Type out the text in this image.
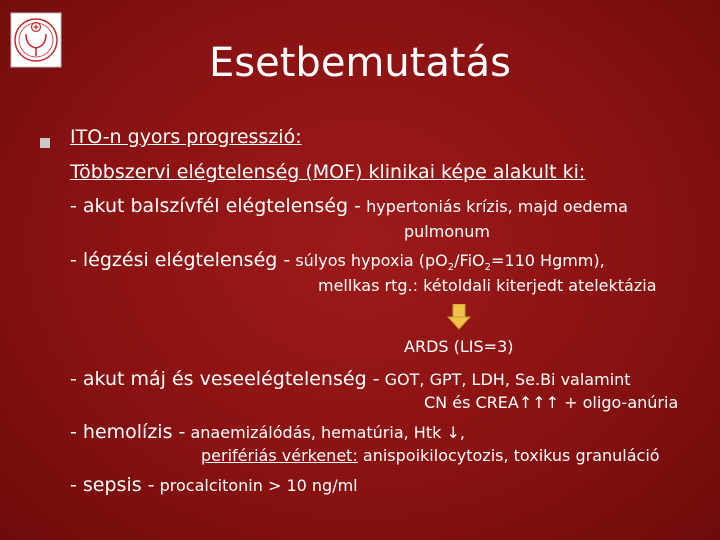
Esetbemutatás
ITO-n gyors progresszió:
Többszervi elégtelenség (MOF) klinikai képe alakult ki:
- akut balszívfél elégtelenség - hypertoniás krízis, majd oedema
pulmonum
- légzési elégtelenség - súlyos hypoxia ($pO_2/FiO_2=110$ Hgmm),
mellkas rtg.: kétoldali kiterjedt atelektázia
ARDS (LIS=3)
- akut máj és veseelégtelenség - GOT, GPT, LDH, Se.Bi valamint
CN és CREA↑↑↑ + oligo-anúria
- hemolízis - anaemizálódás, hematúria, Htk ↓,
perifériás vérkenet: anispoikilocytozis, toxikus granuláció
- sepsis - procalcitonin > 10 ng/ml
